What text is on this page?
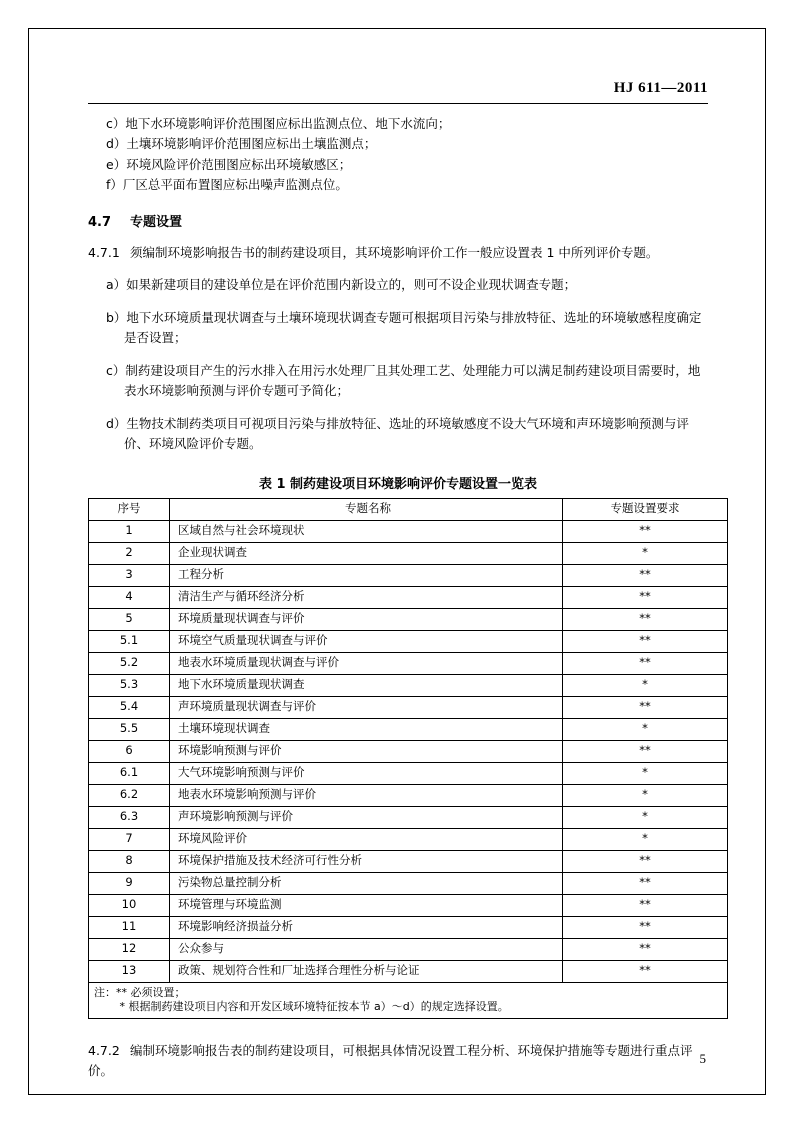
HJ 611—2011

c）地下水环境影响评价范围图应标出监测点位、地下水流向；

d）土壤环境影响评价范围图应标出土壤监测点；

e）环境风险评价范围图应标出环境敏感区；

f）厂区总平面布置图应标出噪声监测点位。

4.7 专题设置

4.7.1 须编制环境影响报告书的制药建设项目，其环境影响评价工作一般应设置表 1 中所列评价专题。

a）如果新建项目的建设单位是在评价范围内新设立的，则可不设企业现状调查专题；

b）地下水环境质量现状调查与土壤环境现状调查专题可根据项目污染与排放特征、选址的环境敏感程度确定是否设置；

c）制药建设项目产生的污水排入在用污水处理厂且其处理工艺、处理能力可以满足制药建设项目需要时，地表水环境影响预测与评价专题可予简化；

d）生物技术制药类项目可视项目污染与排放特征、选址的环境敏感度不设大气环境和声环境影响预测与评价、环境风险评价专题。

表 1 制药建设项目环境影响评价专题设置一览表
序号	专题名称	专题设置要求
1	区域自然与社会环境现状	**
2	企业现状调查	*
3	工程分析	**
4	清洁生产与循环经济分析	**
5	环境质量现状调查与评价	**
5.1	环境空气质量现状调查与评价	**
5.2	地表水环境质量现状调查与评价	**
5.3	地下水环境质量现状调查	*
5.4	声环境质量现状调查与评价	**
5.5	土壤环境现状调查	*
6	环境影响预测与评价	**
6.1	大气环境影响预测与评价	*
6.2	地表水环境影响预测与评价	*
6.3	声环境影响预测与评价	*
7	环境风险评价	*
8	环境保护措施及技术经济可行性分析	**
9	污染物总量控制分析	**
10	环境管理与环境监测	**
11	环境影响经济损益分析	**
12	公众参与	**
13	政策、规划符合性和厂址选择合理性分析与论证	**

注：** 必须设置；
　　 * 根据制药建设项目内容和开发区域环境特征按本节 a）～d）的规定选择设置。		

4.7.2 编制环境影响报告表的制药建设项目，可根据具体情况设置工程分析、环境保护措施等专题进行重点评价。

5
